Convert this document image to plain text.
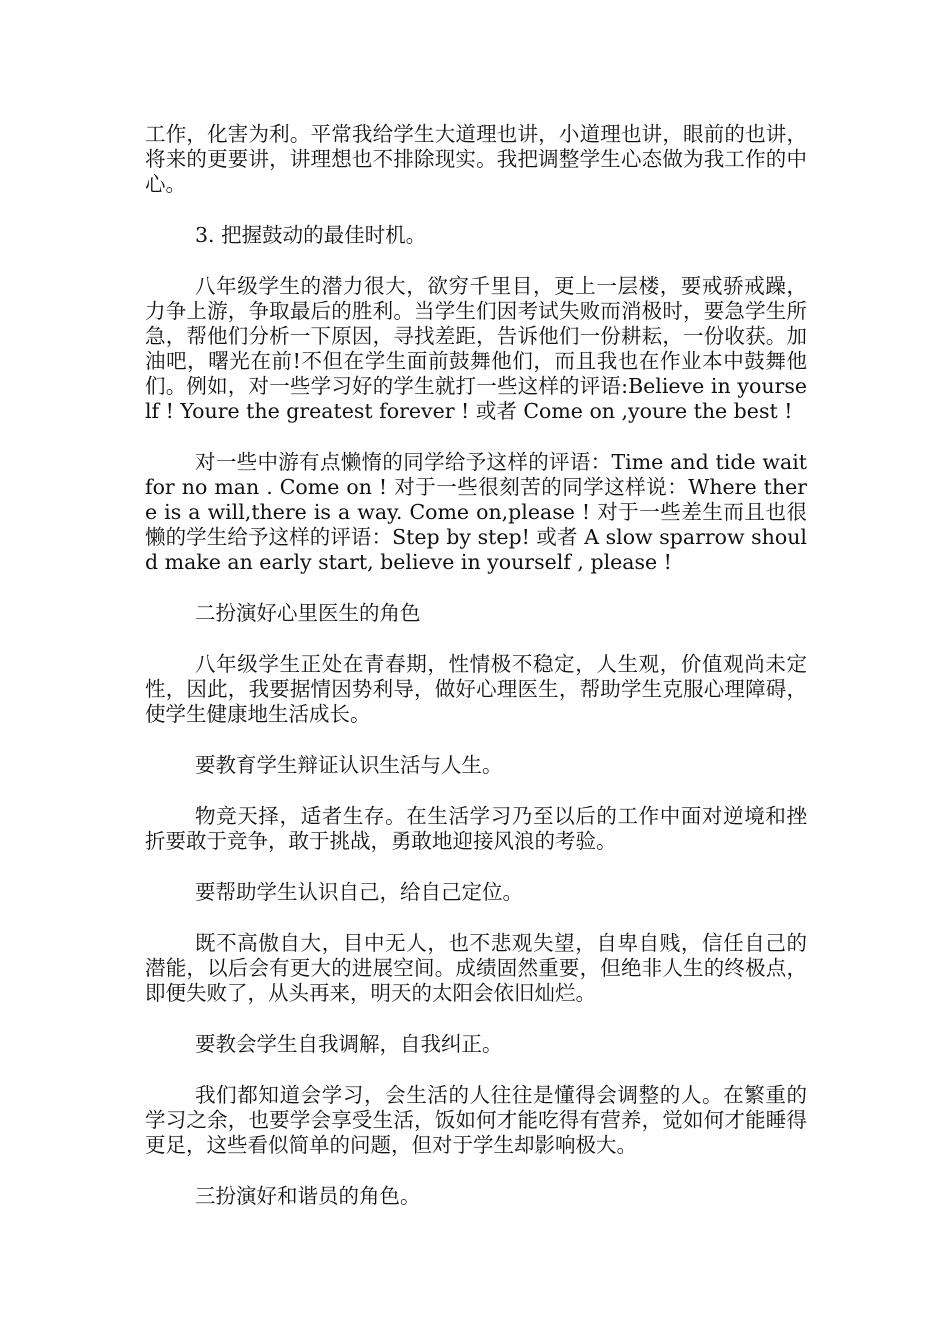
工作，化害为利。平常我给学生大道理也讲，小道理也讲，眼前的也讲，将来的更要讲，讲理想也不排除现实。我把调整学生心态做为我工作的中心。

3. 把握鼓动的最佳时机。

八年级学生的潜力很大，欲穷千里目，更上一层楼，要戒骄戒躁，力争上游，争取最后的胜利。当学生们因考试失败而消极时，要急学生所急，帮他们分析一下原因，寻找差距，告诉他们一份耕耘，一份收获。加油吧，曙光在前!不但在学生面前鼓舞他们，而且我也在作业本中鼓舞他们。例如，对一些学习好的学生就打一些这样的评语:Believe in yourself ! Youre the greatest forever ! 或者 Come on ,youre the best !

对一些中游有点懒惰的同学给予这样的评语：Time and tide wait for no man . Come on ! 对于一些很刻苦的同学这样说：Where there is a will,there is a way. Come on,please ! 对于一些差生而且也很懒的学生给予这样的评语：Step by step! 或者 A slow sparrow should make an early start, believe in yourself , please !

二扮演好心里医生的角色

八年级学生正处在青春期，性情极不稳定，人生观，价值观尚未定性，因此，我要据情因势利导，做好心理医生，帮助学生克服心理障碍，使学生健康地生活成长。

要教育学生辩证认识生活与人生。

物竞天择，适者生存。在生活学习乃至以后的工作中面对逆境和挫折要敢于竞争，敢于挑战，勇敢地迎接风浪的考验。

要帮助学生认识自己，给自己定位。

既不高傲自大，目中无人，也不悲观失望，自卑自贱，信任自己的潜能，以后会有更大的进展空间。成绩固然重要，但绝非人生的终极点，即便失败了，从头再来，明天的太阳会依旧灿烂。

要教会学生自我调解，自我纠正。

我们都知道会学习，会生活的人往往是懂得会调整的人。在繁重的学习之余，也要学会享受生活，饭如何才能吃得有营养，觉如何才能睡得更足，这些看似简单的问题，但对于学生却影响极大。

三扮演好和谐员的角色。
